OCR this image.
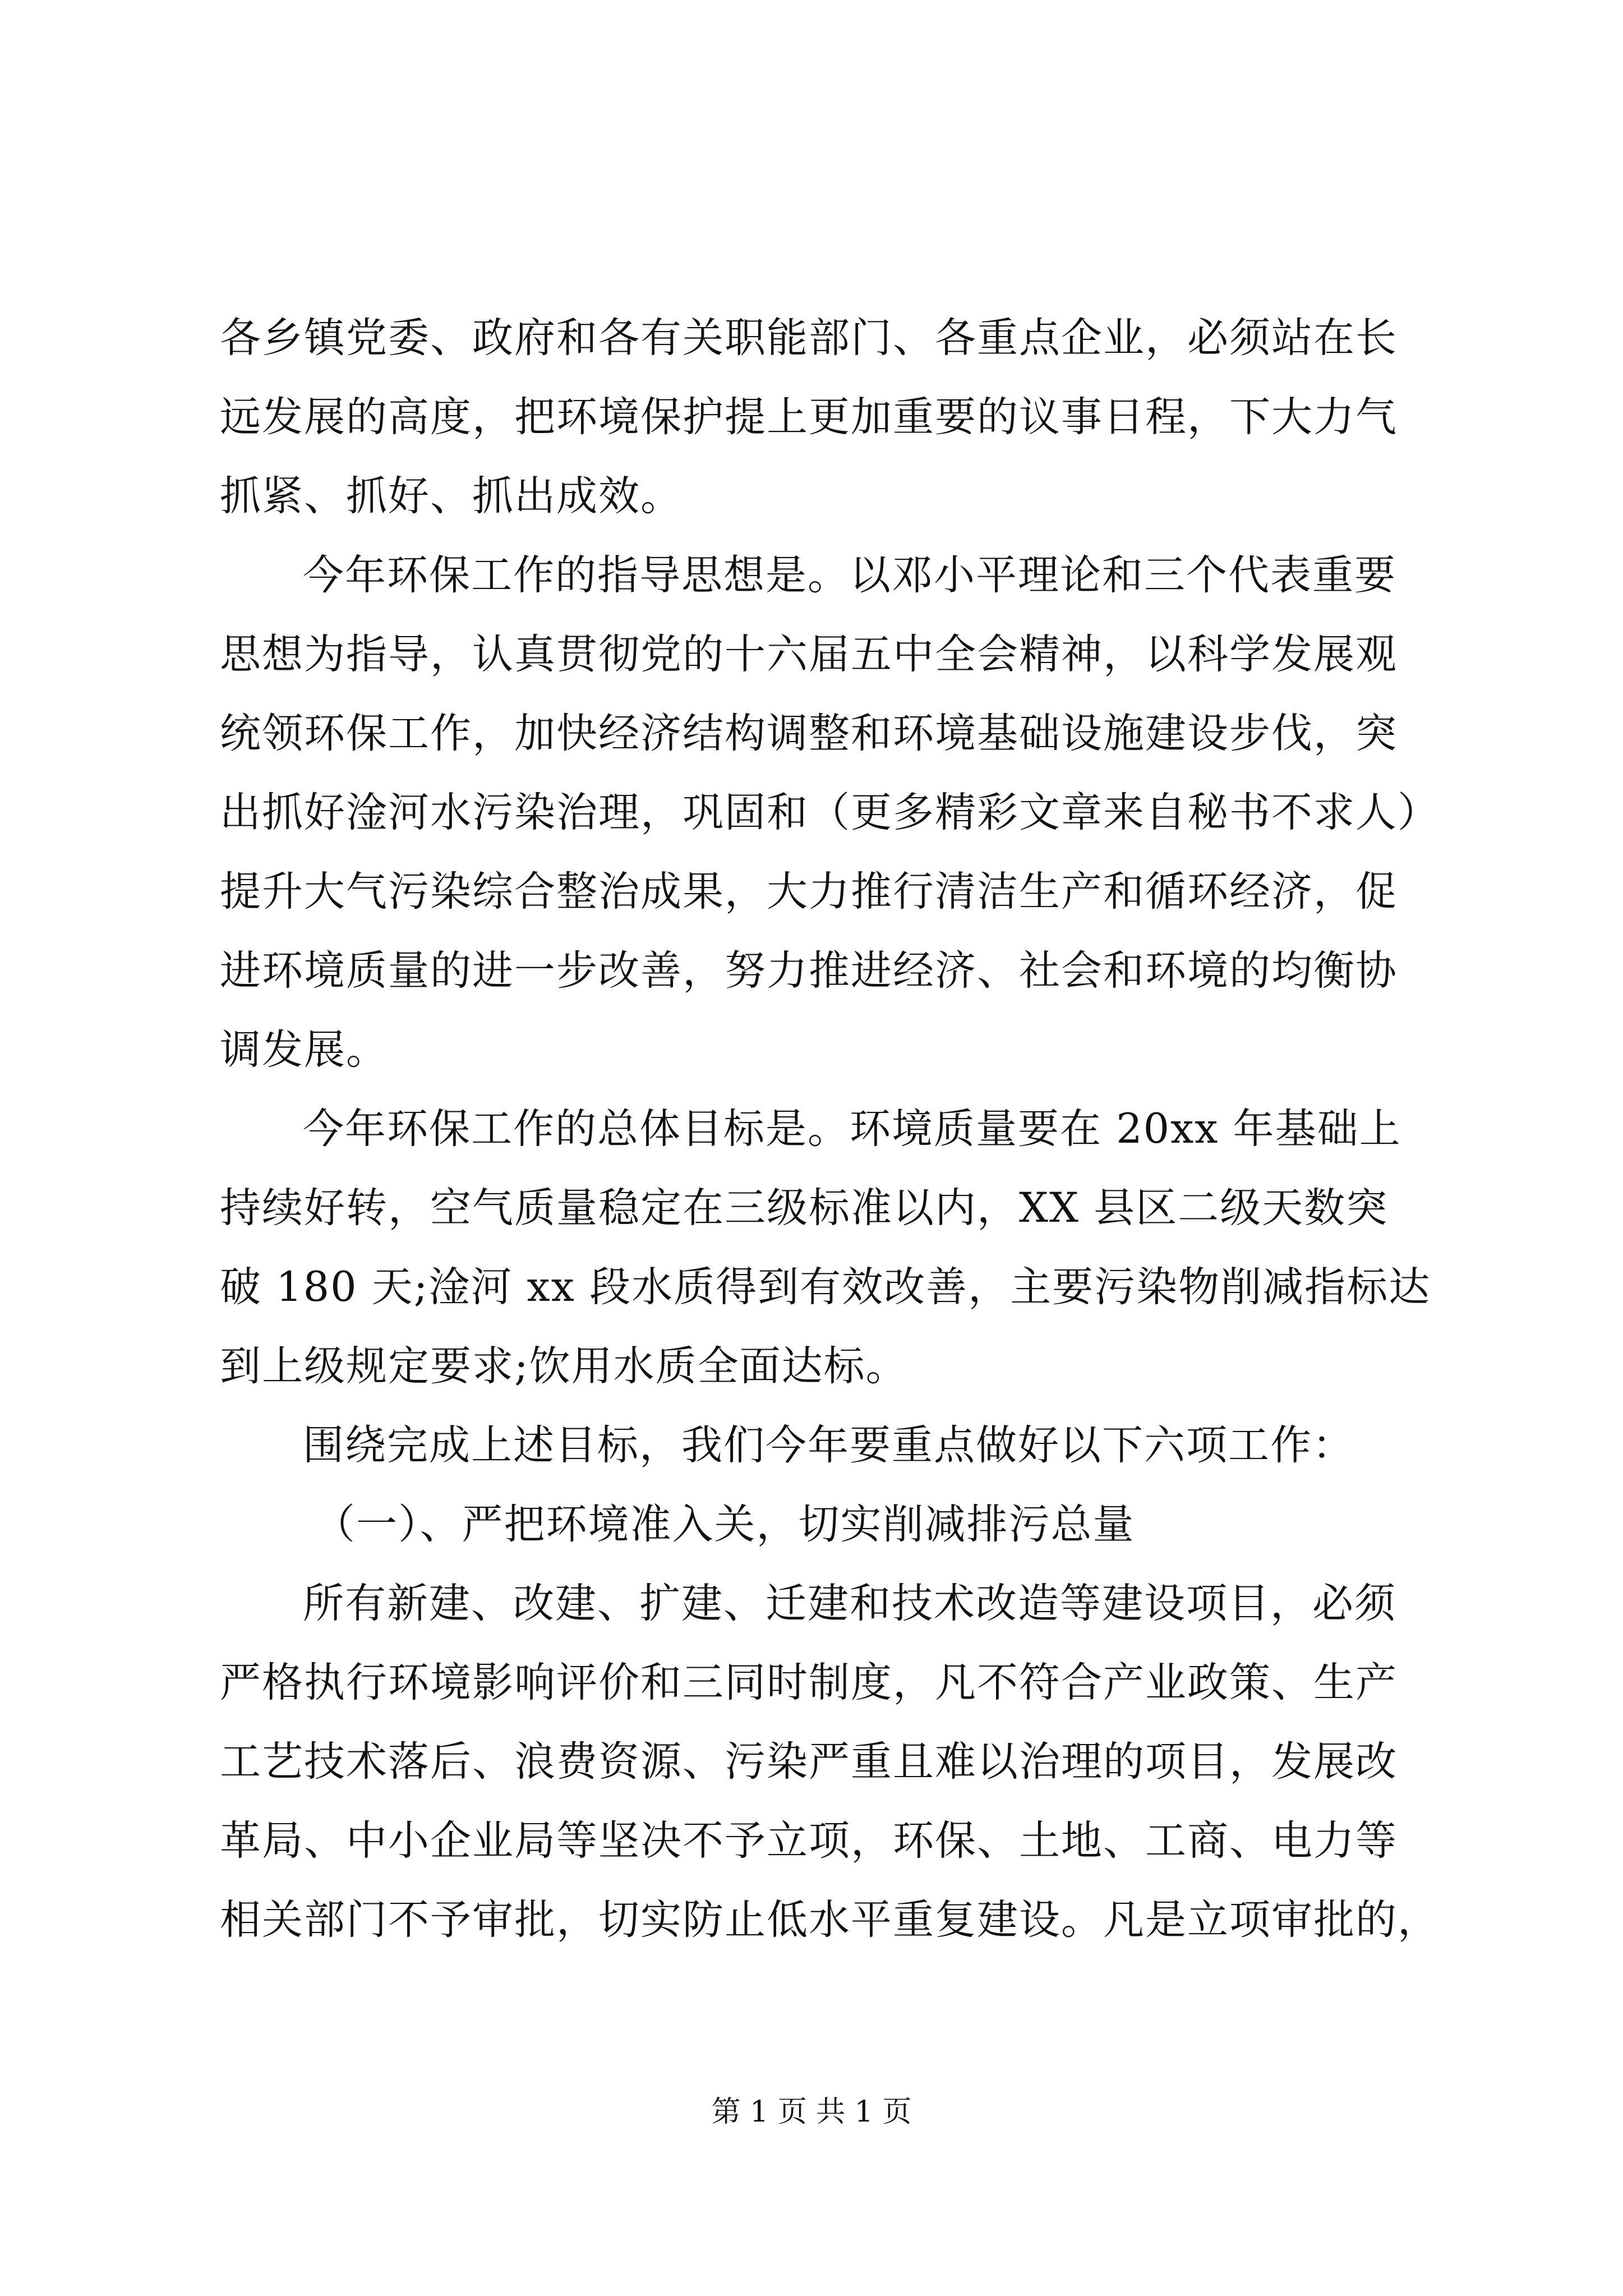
各乡镇党委、政府和各有关职能部门、各重点企业，必须站在长
远发展的高度，把环境保护提上更加重要的议事日程，下大力气
抓紧、抓好、抓出成效。
今年环保工作的指导思想是。以邓小平理论和三个代表重要
思想为指导，认真贯彻党的十六届五中全会精神，以科学发展观
统领环保工作，加快经济结构调整和环境基础设施建设步伐，突
出抓好淦河水污染治理，巩固和（更多精彩文章来自秘书不求人）
提升大气污染综合整治成果，大力推行清洁生产和循环经济，促
进环境质量的进一步改善，努力推进经济、社会和环境的均衡协
调发展。
今年环保工作的总体目标是。环境质量要在 20xx 年基础上
持续好转，空气质量稳定在三级标准以内，XX 县区二级天数突
破 180 天;淦河 xx 段水质得到有效改善，主要污染物削减指标达
到上级规定要求;饮用水质全面达标。
围绕完成上述目标，我们今年要重点做好以下六项工作：
（一）、严把环境准入关，切实削减排污总量
所有新建、改建、扩建、迁建和技术改造等建设项目，必须
严格执行环境影响评价和三同时制度，凡不符合产业政策、生产
工艺技术落后、浪费资源、污染严重且难以治理的项目，发展改
革局、中小企业局等坚决不予立项，环保、土地、工商、电力等
相关部门不予审批，切实防止低水平重复建设。凡是立项审批的，
第 1 页 共 1 页
